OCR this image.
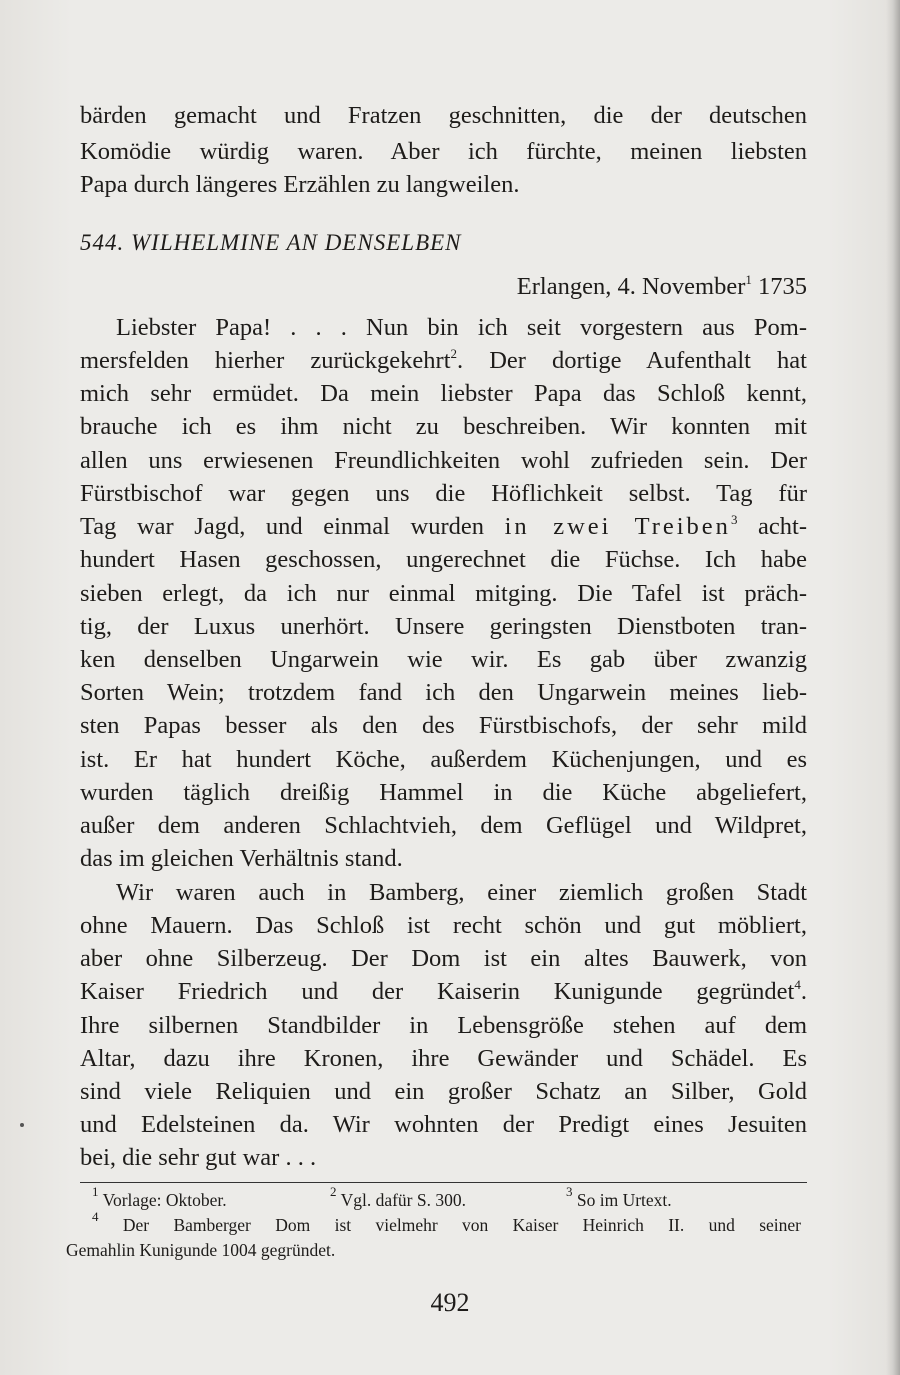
bärden gemacht und Fratzen geschnitten, die der deutschen
Komödie würdig waren. Aber ich fürchte, meinen liebsten
Papa durch längeres Erzählen zu langweilen.
544. WILHELMINE AN DENSELBEN
Erlangen, 4. November$^1$ 1735
Liebster Papa! . . . Nun bin ich seit vorgestern aus Pom-
mersfelden hierher zurückgekehrt$^2$. Der dortige Aufenthalt hat
mich sehr ermüdet. Da mein liebster Papa das Schloß kennt,
brauche ich es ihm nicht zu beschreiben. Wir konnten mit
allen uns erwiesenen Freundlichkeiten wohl zufrieden sein. Der
Fürstbischof war gegen uns die Höflichkeit selbst. Tag für
Tag war Jagd, und einmal wurden in zwei Treiben$^3$ acht-
hundert Hasen geschossen, ungerechnet die Füchse. Ich habe
sieben erlegt, da ich nur einmal mitging. Die Tafel ist präch-
tig, der Luxus unerhört. Unsere geringsten Dienstboten tran-
ken denselben Ungarwein wie wir. Es gab über zwanzig
Sorten Wein; trotzdem fand ich den Ungarwein meines lieb-
sten Papas besser als den des Fürstbischofs, der sehr mild
ist. Er hat hundert Köche, außerdem Küchenjungen, und es
wurden täglich dreißig Hammel in die Küche abgeliefert,
außer dem anderen Schlachtvieh, dem Geflügel und Wildpret,
das im gleichen Verhältnis stand.
Wir waren auch in Bamberg, einer ziemlich großen Stadt
ohne Mauern. Das Schloß ist recht schön und gut möbliert,
aber ohne Silberzeug. Der Dom ist ein altes Bauwerk, von
Kaiser Friedrich und der Kaiserin Kunigunde gegründet$^4$.
Ihre silbernen Standbilder in Lebensgröße stehen auf dem
Altar, dazu ihre Kronen, ihre Gewänder und Schädel. Es
sind viele Reliquien und ein großer Schatz an Silber, Gold
und Edelsteinen da. Wir wohnten der Predigt eines Jesuiten
bei, die sehr gut war . . .
$^1$ Vorlage: Oktober.	$^2$ Vgl. dafür S. 300.	$^3$ So im Urtext.
$^4$ Der Bamberger Dom ist vielmehr von Kaiser Heinrich II. und seiner
Gemahlin Kunigunde 1004 gegründet.
492
